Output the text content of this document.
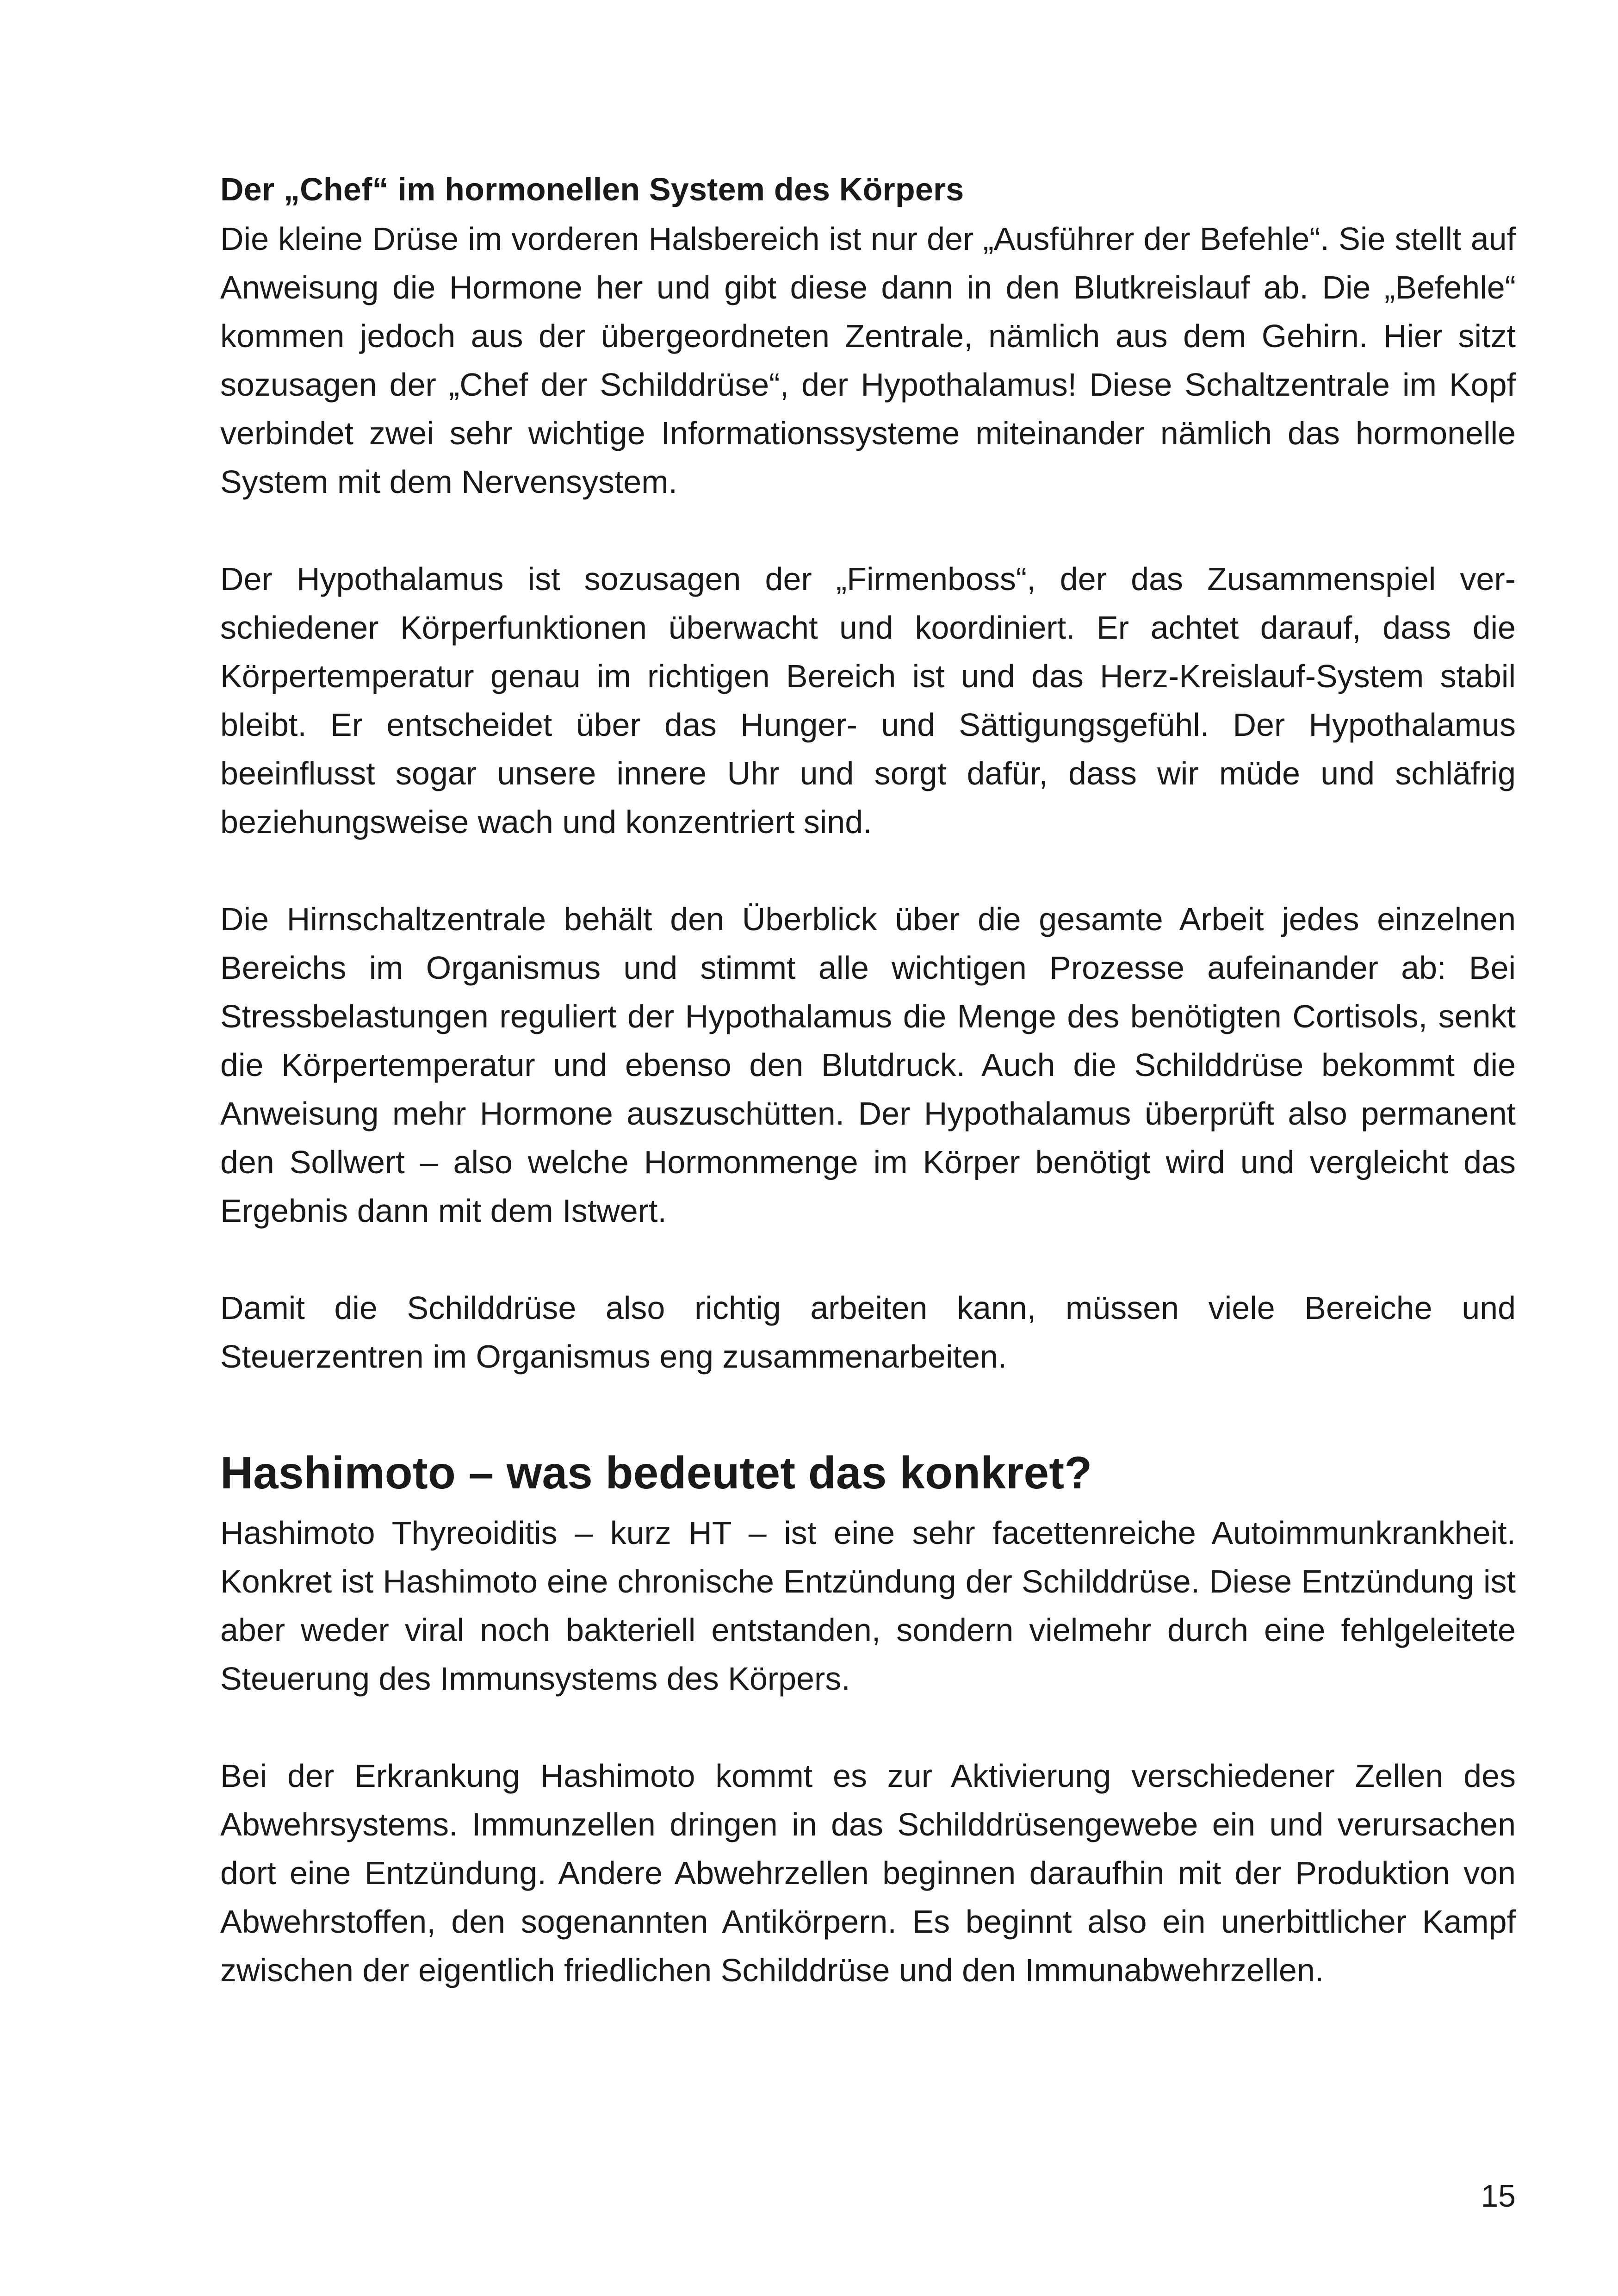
Der „Chef“ im hormonellen System des Körpers

Die kleine Drüse im vorderen Halsbereich ist nur der „Ausführer der Befehle“. Sie stellt auf Anweisung die Hormone her und gibt diese dann in den Blutkreislauf ab. Die „Befehle“ kommen jedoch aus der übergeordneten Zentrale, nämlich aus dem Gehirn. Hier sitzt sozusagen der „Chef der Schilddrüse“, der Hypothalamus! Diese Schaltzentrale im Kopf verbindet zwei sehr wichtige Informationssysteme miteinander nämlich das hormonelle System mit dem Nervensystem.

Der Hypothalamus ist sozusagen der „Firmenboss“, der das Zusammenspiel verschiedener Körperfunktionen überwacht und koordiniert. Er achtet darauf, dass die Körpertemperatur genau im richtigen Bereich ist und das Herz-Kreislauf-System stabil bleibt. Er entscheidet über das Hunger- und Sättigungsgefühl. Der Hypothalamus beeinflusst sogar unsere innere Uhr und sorgt dafür, dass wir müde und schläfrig beziehungsweise wach und konzentriert sind.

Die Hirnschaltzentrale behält den Überblick über die gesamte Arbeit jedes einzelnen Bereichs im Organismus und stimmt alle wichtigen Prozesse aufeinander ab: Bei Stressbelastungen reguliert der Hypothalamus die Menge des benötigten Cortisols, senkt die Körpertemperatur und ebenso den Blutdruck. Auch die Schilddrüse bekommt die Anweisung mehr Hormone auszuschütten. Der Hypothalamus überprüft also permanent den Sollwert – also welche Hormonmenge im Körper benötigt wird und vergleicht das Ergebnis dann mit dem Istwert.

Damit die Schilddrüse also richtig arbeiten kann, müssen viele Bereiche und Steuerzentren im Organismus eng zusammenarbeiten.

Hashimoto – was bedeutet das konkret?

Hashimoto Thyreoiditis – kurz HT – ist eine sehr facettenreiche Autoimmunkrankheit. Konkret ist Hashimoto eine chronische Entzündung der Schilddrüse. Diese Entzündung ist aber weder viral noch bakteriell entstanden, sondern vielmehr durch eine fehlgeleitete Steuerung des Immunsystems des Körpers.

Bei der Erkrankung Hashimoto kommt es zur Aktivierung verschiedener Zellen des Abwehrsystems. Immunzellen dringen in das Schilddrüsengewebe ein und verursachen dort eine Entzündung. Andere Abwehrzellen beginnen daraufhin mit der Produktion von Abwehrstoffen, den sogenannten Antikörpern. Es beginnt also ein unerbittlicher Kampf zwischen der eigentlich friedlichen Schilddrüse und den Immunabwehrzellen.

15
